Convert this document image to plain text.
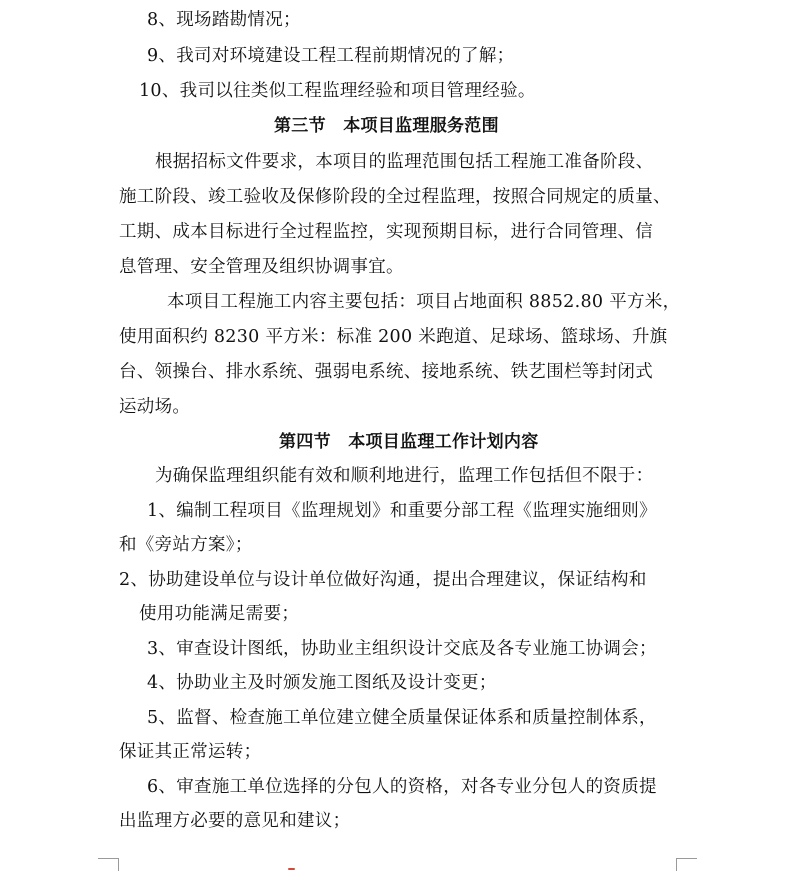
8、现场踏勘情况；
9、我司对环境建设工程工程前期情况的了解；
10、我司以往类似工程监理经验和项目管理经验。
第三节　本项目监理服务范围
根据招标文件要求，本项目的监理范围包括工程施工准备阶段、
施工阶段、竣工验收及保修阶段的全过程监理，按照合同规定的质量、
工期、成本目标进行全过程监控，实现预期目标，进行合同管理、信
息管理、安全管理及组织协调事宜。
本项目工程施工内容主要包括：项目占地面积 8852.80 平方米，
使用面积约 8230 平方米：标准 200 米跑道、足球场、篮球场、升旗
台、领操台、排水系统、强弱电系统、接地系统、铁艺围栏等封闭式
运动场。
第四节　本项目监理工作计划内容
为确保监理组织能有效和顺利地进行，监理工作包括但不限于：
1、编制工程项目《监理规划》和重要分部工程《监理实施细则》
和《旁站方案》；
2、协助建设单位与设计单位做好沟通，提出合理建议，保证结构和
使用功能满足需要；
3、审查设计图纸，协助业主组织设计交底及各专业施工协调会；
4、协助业主及时颁发施工图纸及设计变更；
5、监督、检查施工单位建立健全质量保证体系和质量控制体系，
保证其正常运转；
6、审查施工单位选择的分包人的资格，对各专业分包人的资质提
出监理方必要的意见和建议；
